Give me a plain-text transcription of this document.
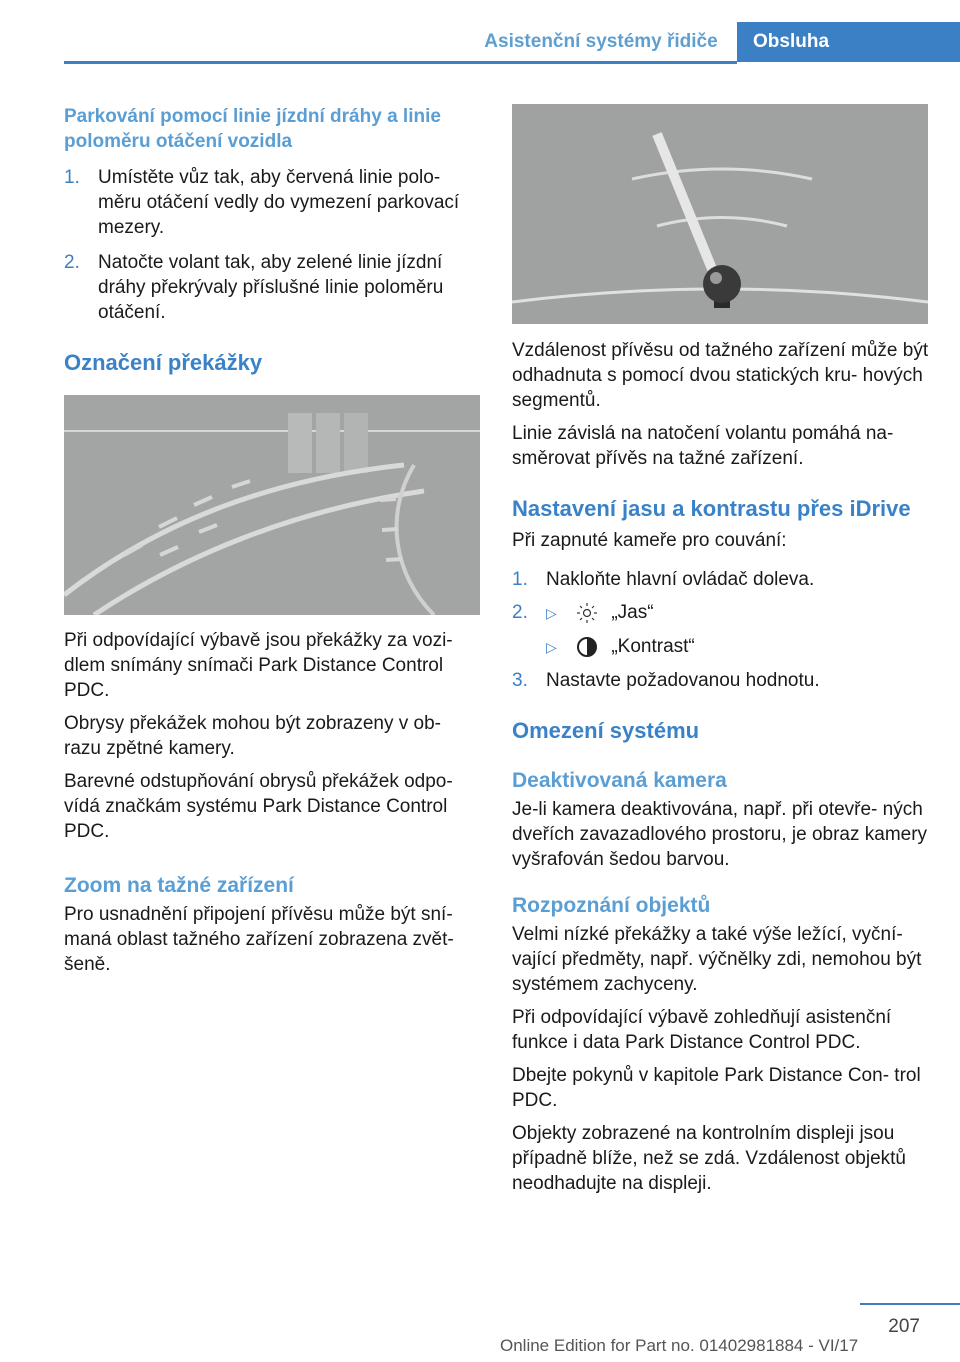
Asistenční systémy řidiče	Obsluha
Parkování pomocí linie jízdní dráhy a linie poloměru otáčení vozidla
1. Umístěte vůz tak, aby červená linie polo‐ měru otáčení vedly do vymezení parkovací mezery.
2. Natočte volant tak, aby zelené linie jízdní dráhy překrývaly příslušné linie poloměru otáčení.
Označení překážky

Při odpovídající výbavě jsou překážky za vozi‐ dlem snímány snímači Park Distance Control PDC.

Obrysy překážek mohou být zobrazeny v ob‐ razu zpětné kamery.

Barevné odstupňování obrysů překážek odpo‐ vídá značkám systému Park Distance Control PDC.

Zoom na tažné zařízení

Pro usnadnění připojení přívěsu může být sní‐ maná oblast tažného zařízení zobrazena zvět‐ šeně.

Vzdálenost přívěsu od tažného zařízení může být odhadnuta s pomocí dvou statických kru‐ hových segmentů.

Linie závislá na natočení volantu pomáhá na‐ směrovat přívěs na tažné zařízení.

Nastavení jasu a kontrastu přes iDrive

Při zapnuté kameře pro couvání:

1. Nakloňte hlavní ovládač doleva.
2. ▷	„Jas“
▷	„Kontrast“
3. Nastavte požadovanou hodnotu.
Omezení systému
Deaktivovaná kamera

Je-li kamera deaktivována, např. při otevře‐ ných dveřích zavazadlového prostoru, je obraz kamery vyšrafován šedou barvou.

Rozpoznání objektů

Velmi nízké překážky a také výše ležící, vyční‐ vající předměty, např. výčnělky zdi, nemohou být systémem zachyceny.

Při odpovídající výbavě zohledňují asistenční funkce i data Park Distance Control PDC.

Dbejte pokynů v kapitole Park Distance Con‐ trol PDC.

Objekty zobrazené na kontrolním displeji jsou případně blíže, než se zdá. Vzdálenost objektů neodhadujte na displeji.

207
Online Edition for Part no. 01402981884 - VI/17
